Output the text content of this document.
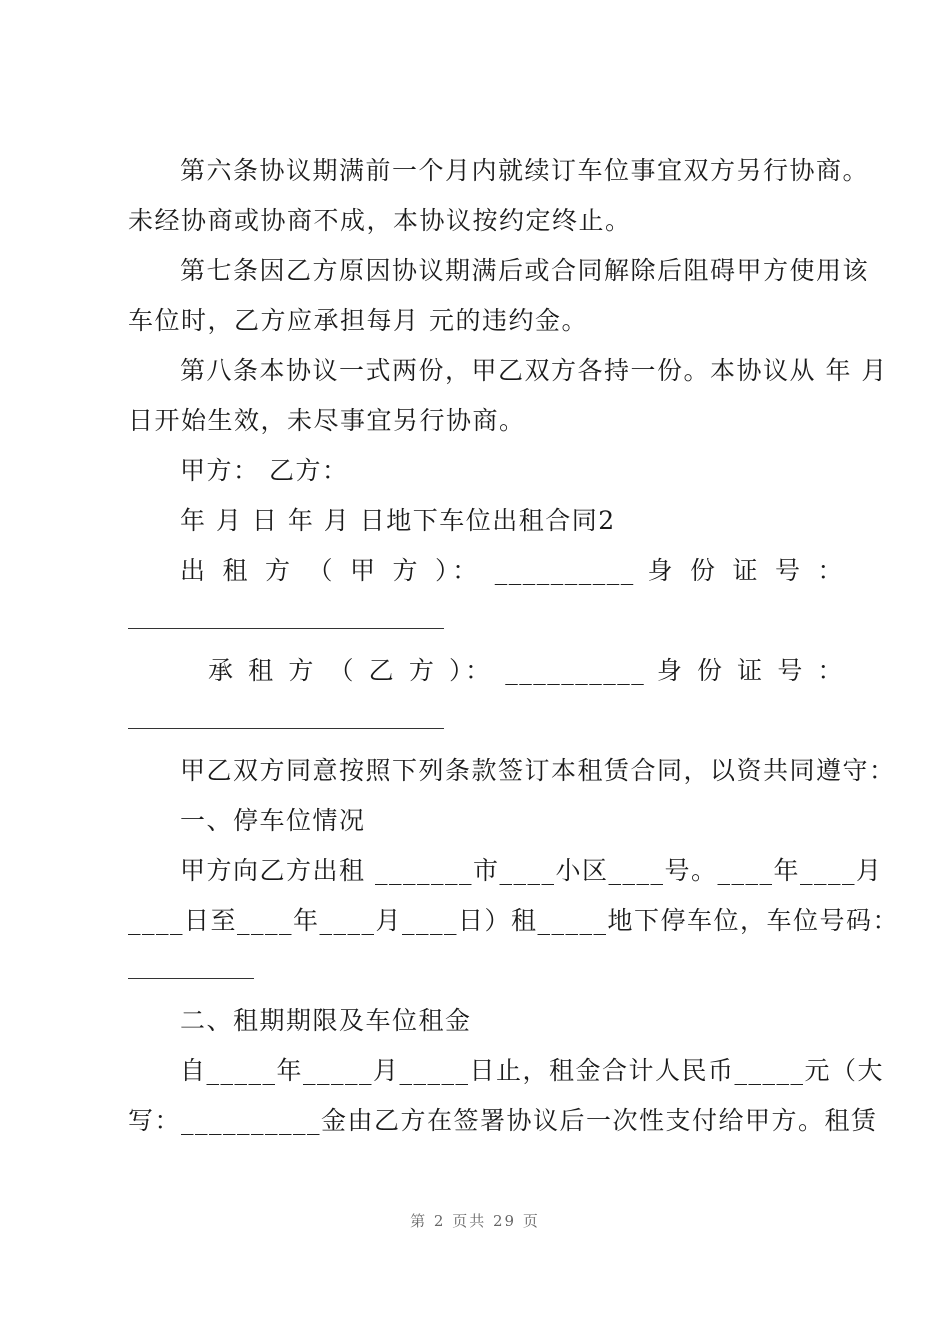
第六条协议期满前一个月内就续订车位事宜双方另行协商。
未经协商或协商不成，本协议按约定终止。
第七条因乙方原因协议期满后或合同解除后阻碍甲方使用该
车位时，乙方应承担每月 元的违约金。
第八条本协议一式两份，甲乙双方各持一份。本协议从 年 月
日开始生效，未尽事宜另行协商。
甲方： 乙方：
年 月 日 年 月 日地下车位出租合同2
出 租 方 （ 甲 方 ）： __________ 身 份 证 号 ：
承 租 方 （ 乙 方 ）： __________ 身 份 证 号 ：
甲乙双方同意按照下列条款签订本租赁合同，以资共同遵守：
一、停车位情况
甲方向乙方出租 _______市____小区____号。____年____月
____日至____年____月____日）租_____地下停车位，车位号码：
二、租期期限及车位租金
自_____年_____月_____日止，租金合计人民币_____元（大
写：__________金由乙方在签署协议后一次性支付给甲方。租赁
第 2 页共 29 页
